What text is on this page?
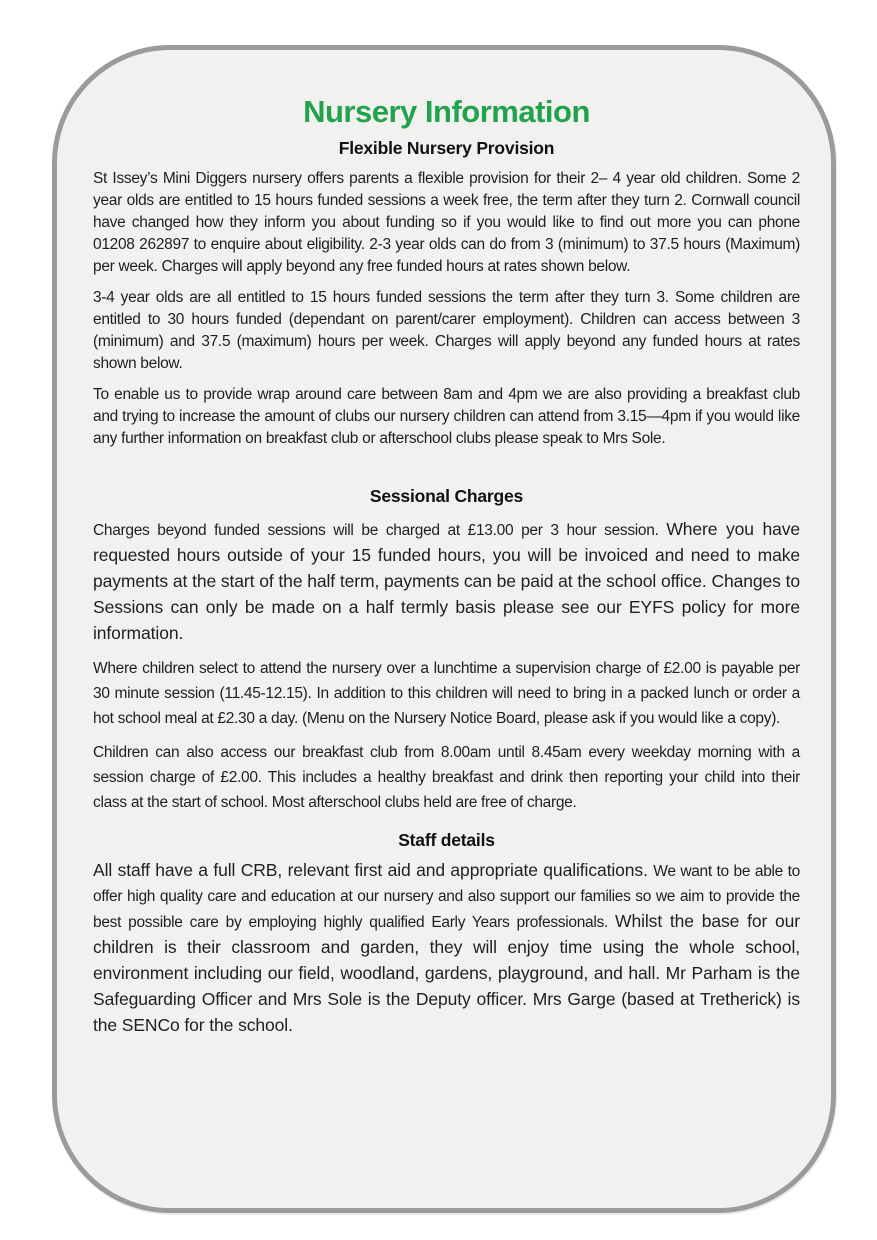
Nursery Information
Flexible Nursery Provision

St Issey’s Mini Diggers nursery offers parents a flexible provision for their 2– 4 year old children. Some 2 year olds are entitled to 15 hours funded sessions a week free, the term after they turn 2. Cornwall council have changed how they inform you about funding so if you would like to find out more you can phone 01208 262897 to enquire about eligibility. 2-3 year olds can do from 3 (minimum) to 37.5 hours (Maximum) per week. Charges will apply beyond any free funded hours at rates shown below.

3-4 year olds are all entitled to 15 hours funded sessions the term after they turn 3. Some children are entitled to 30 hours funded (dependant on parent/carer employment). Children can access between 3 (minimum) and 37.5 (maximum) hours per week. Charges will apply beyond any funded hours at rates shown below.

To enable us to provide wrap around care between 8am and 4pm we are also providing a breakfast club and trying to increase the amount of clubs our nursery children can attend from 3.15—4pm if you would like any further information on breakfast club or afterschool clubs please speak to Mrs Sole.

Sessional Charges

Charges beyond funded sessions will be charged at £13.00 per 3 hour session. Where you have requested hours outside of your 15 funded hours, you will be invoiced and need to make payments at the start of the half term, payments can be paid at the school office. Changes to Sessions can only be made on a half termly basis please see our EYFS policy for more information.

Where children select to attend the nursery over a lunchtime a supervision charge of £2.00 is payable per 30 minute session (11.45-12.15). In addition to this children will need to bring in a packed lunch or order a hot school meal at £2.30 a day. (Menu on the Nursery Notice Board, please ask if you would like a copy).

Children can also access our breakfast club from 8.00am until 8.45am every weekday morning with a session charge of £2.00. This includes a healthy breakfast and drink then reporting your child into their class at the start of school. Most afterschool clubs held are free of charge.

Staff details

All staff have a full CRB, relevant first aid and appropriate qualifications. We want to be able to offer high quality care and education at our nursery and also support our families so we aim to provide the best possible care by employing highly qualified Early Years professionals. Whilst the base for our children is their classroom and garden, they will enjoy time using the whole school, environment including our field, woodland, gardens, playground, and hall. Mr Parham is the Safeguarding Officer and Mrs Sole is the Deputy officer. Mrs Garge (based at Tretherick) is the SENCo for the school.
